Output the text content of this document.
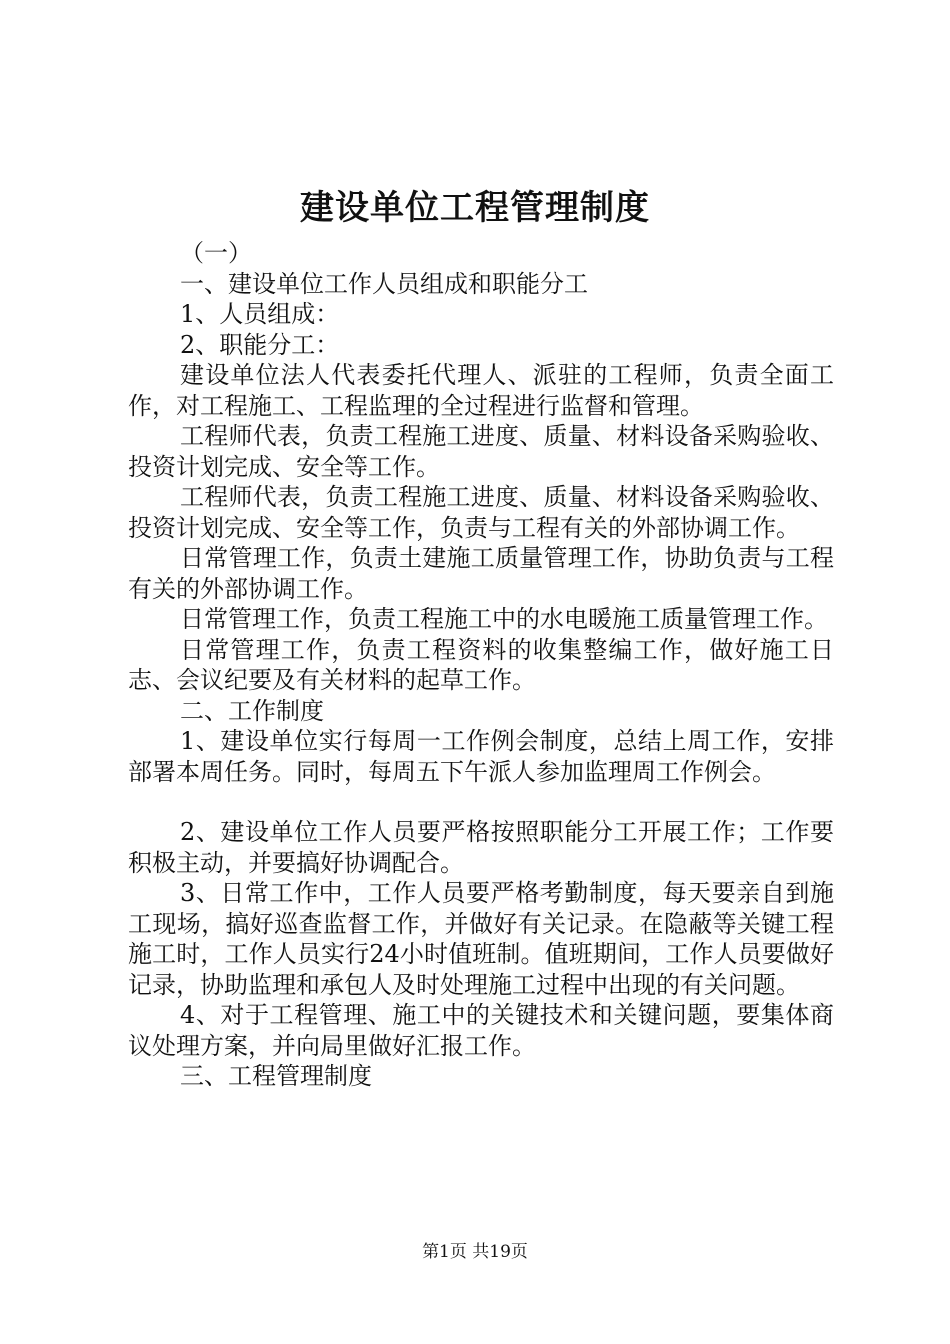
建设单位工程管理制度

（一）

一、建设单位工作人员组成和职能分工

1、人员组成：

2、职能分工：

建设单位法人代表委托代理人、派驻的工程师，负责全面工作，对工程施工、工程监理的全过程进行监督和管理。

工程师代表，负责工程施工进度、质量、材料设备采购验收、投资计划完成、安全等工作。

工程师代表，负责工程施工进度、质量、材料设备采购验收、投资计划完成、安全等工作，负责与工程有关的外部协调工作。

日常管理工作，负责土建施工质量管理工作，协助负责与工程有关的外部协调工作。

日常管理工作，负责工程施工中的水电暖施工质量管理工作。

日常管理工作，负责工程资料的收集整编工作，做好施工日志、会议纪要及有关材料的起草工作。

二、工作制度

1、建设单位实行每周一工作例会制度，总结上周工作，安排部署本周任务。同时，每周五下午派人参加监理周工作例会。

2、建设单位工作人员要严格按照职能分工开展工作；工作要积极主动，并要搞好协调配合。

3、日常工作中，工作人员要严格考勤制度，每天要亲自到施工现场，搞好巡查监督工作，并做好有关记录。在隐蔽等关键工程施工时，工作人员实行24小时值班制。值班期间，工作人员要做好记录，协助监理和承包人及时处理施工过程中出现的有关问题。

4、对于工程管理、施工中的关键技术和关键问题，要集体商议处理方案，并向局里做好汇报工作。

三、工程管理制度

第1页 共19页
